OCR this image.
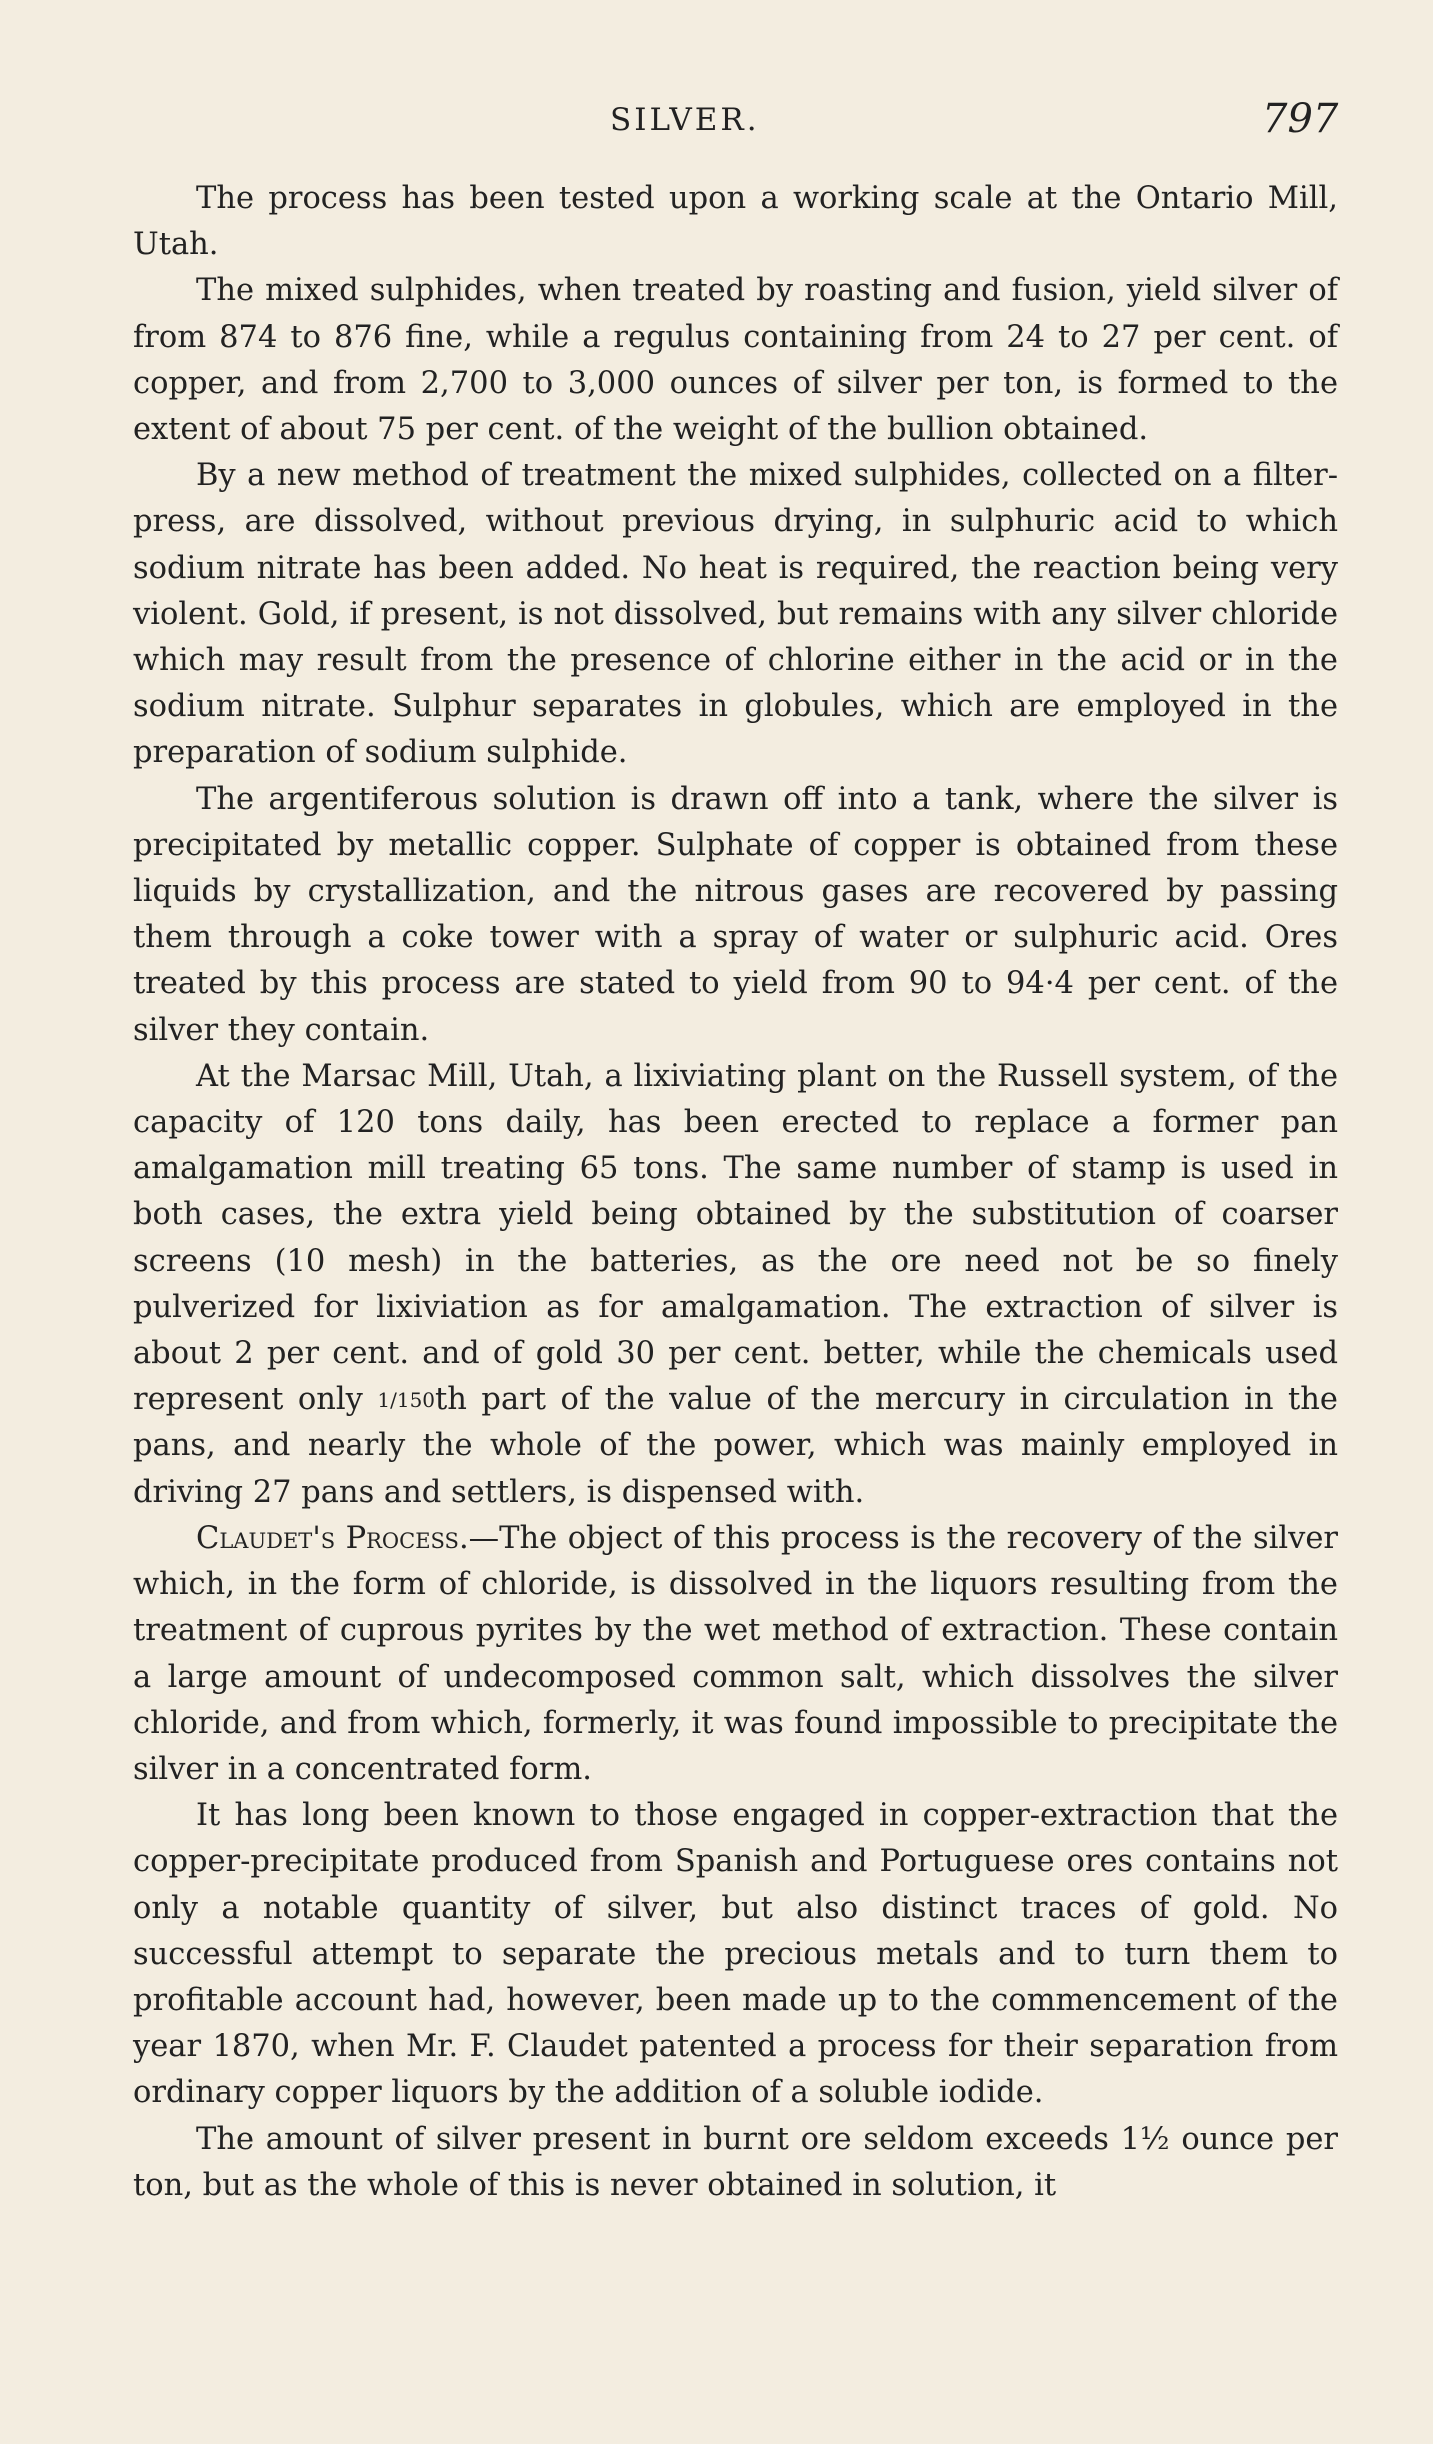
SILVER.	797

The process has been tested upon a working scale at the Ontario Mill, Utah.

The mixed sulphides, when treated by roasting and fusion, yield silver of from 874 to 876 fine, while a regulus containing from 24 to 27 per cent. of copper, and from 2,700 to 3,000 ounces of silver per ton, is formed to the extent of about 75 per cent. of the weight of the bullion obtained.

By a new method of treatment the mixed sulphides, collected on a filter-press, are dissolved, without previous drying, in sulphuric acid to which sodium nitrate has been added. No heat is required, the reaction being very violent. Gold, if present, is not dissolved, but remains with any silver chloride which may result from the presence of chlorine either in the acid or in the sodium nitrate. Sulphur separates in globules, which are employed in the preparation of sodium sulphide.

The argentiferous solution is drawn off into a tank, where the silver is precipitated by metallic copper. Sulphate of copper is obtained from these liquids by crystallization, and the nitrous gases are recovered by passing them through a coke tower with a spray of water or sulphuric acid. Ores treated by this process are stated to yield from 90 to 94·4 per cent. of the silver they contain.

At the Marsac Mill, Utah, a lixiviating plant on the Russell system, of the capacity of 120 tons daily, has been erected to replace a former pan amalgamation mill treating 65 tons. The same number of stamp is used in both cases, the extra yield being obtained by the substitution of coarser screens (10 mesh) in the batteries, as the ore need not be so finely pulverized for lixiviation as for amalgamation. The extraction of silver is about 2 per cent. and of gold 30 per cent. better, while the chemicals used represent only 1/150th part of the value of the mercury in circulation in the pans, and nearly the whole of the power, which was mainly employed in driving 27 pans and settlers, is dispensed with.

Claudet's Process.—The object of this process is the recovery of the silver which, in the form of chloride, is dissolved in the liquors resulting from the treatment of cuprous pyrites by the wet method of extraction. These contain a large amount of undecomposed common salt, which dissolves the silver chloride, and from which, formerly, it was found impossible to precipitate the silver in a concentrated form.

It has long been known to those engaged in copper-extraction that the copper-precipitate produced from Spanish and Portuguese ores contains not only a notable quantity of silver, but also distinct traces of gold. No successful attempt to separate the precious metals and to turn them to profitable account had, however, been made up to the commencement of the year 1870, when Mr. F. Claudet patented a process for their separation from ordinary copper liquors by the addition of a soluble iodide.

The amount of silver present in burnt ore seldom exceeds 1½ ounce per ton, but as the whole of this is never obtained in solution, it
